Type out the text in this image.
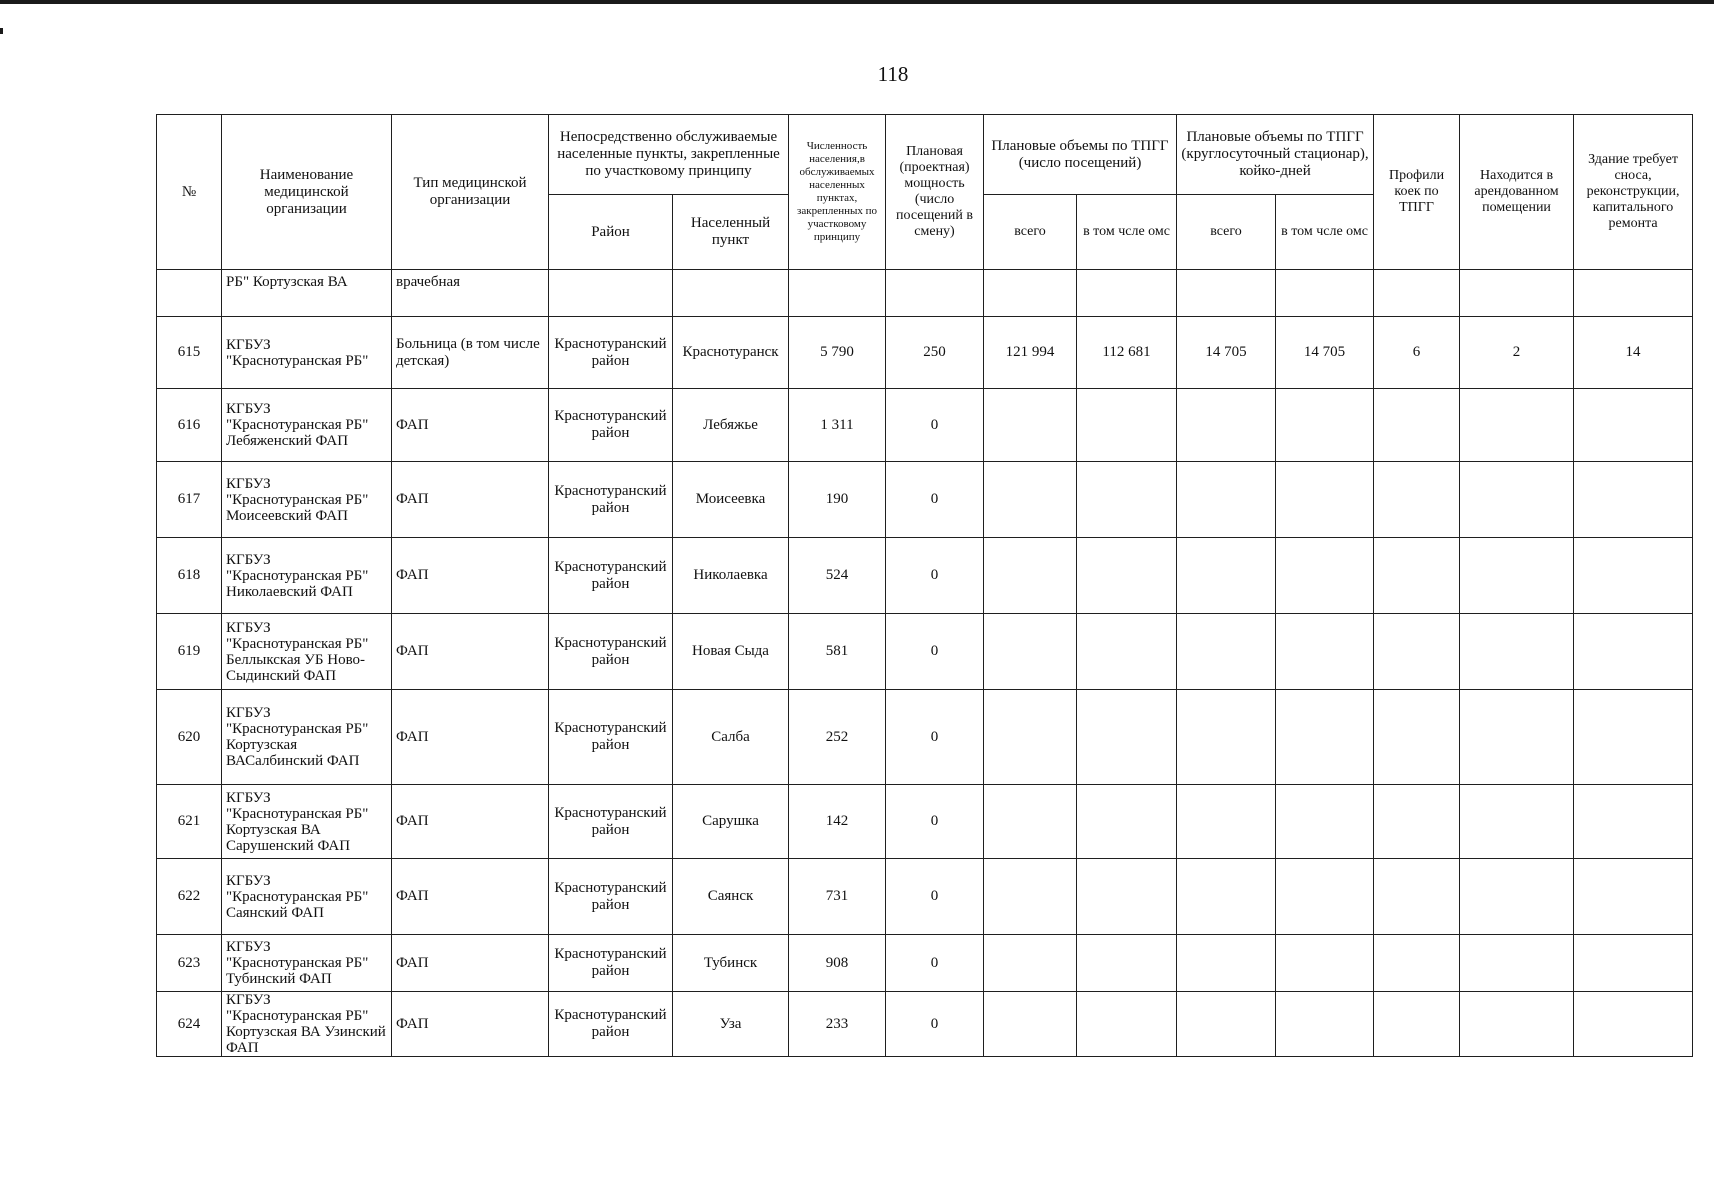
118
№	Наименование медицинской организации	Тип медицинской организации	Непосредственно обслуживаемые населенные пункты, закрепленные по участковому принципу		Численность населения,в обслуживаемых населенных пунктах, закрепленных по участковому принципу	Плановая (проектная) мощность (число посещений в смену)	Плановые объемы по ТПГГ (число посещений)		Плановые объемы по ТПГГ (круглосуточный стационар), койко-дней		Профили коек по ТПГГ	Находится в арендованном помещении	Здание требует сноса, реконструкции, капитального ремонта
			Район	Населенный пункт			всего	в том чсле омс	всего	в том чсле омс			
	РБ" Кортузская ВА	врачебная											
615	КГБУЗ "Краснотуранская РБ"	Больница (в том числе детская)	Краснотуранский район	Краснотуранск	5 790	250	121 994	112 681	14 705	14 705	6	2	14
616	КГБУЗ "Краснотуранская РБ" Лебяженский ФАП	ФАП	Краснотуранский район	Лебяжье	1 311	0							
617	КГБУЗ "Краснотуранская РБ" Моисеевский ФАП	ФАП	Краснотуранский район	Моисеевка	190	0							
618	КГБУЗ "Краснотуранская РБ" Николаевский ФАП	ФАП	Краснотуранский район	Николаевка	524	0							
619	КГБУЗ "Краснотуранская РБ" Беллыкская УБ Ново-Сыдинский ФАП	ФАП	Краснотуранский район	Новая Сыда	581	0							
620	КГБУЗ "Краснотуранская РБ" Кортузская ВАСалбинский ФАП	ФАП	Краснотуранский район	Салба	252	0							
621	КГБУЗ "Краснотуранская РБ" Кортузская ВА Сарушенский ФАП	ФАП	Краснотуранский район	Сарушка	142	0							
622	КГБУЗ "Краснотуранская РБ" Саянский ФАП	ФАП	Краснотуранский район	Саянск	731	0							
623	КГБУЗ "Краснотуранская РБ" Тубинский ФАП	ФАП	Краснотуранский район	Тубинск	908	0							
624	КГБУЗ "Краснотуранская РБ" Кортузская ВА Узинский ФАП	ФАП	Краснотуранский район	Уза	233	0							
